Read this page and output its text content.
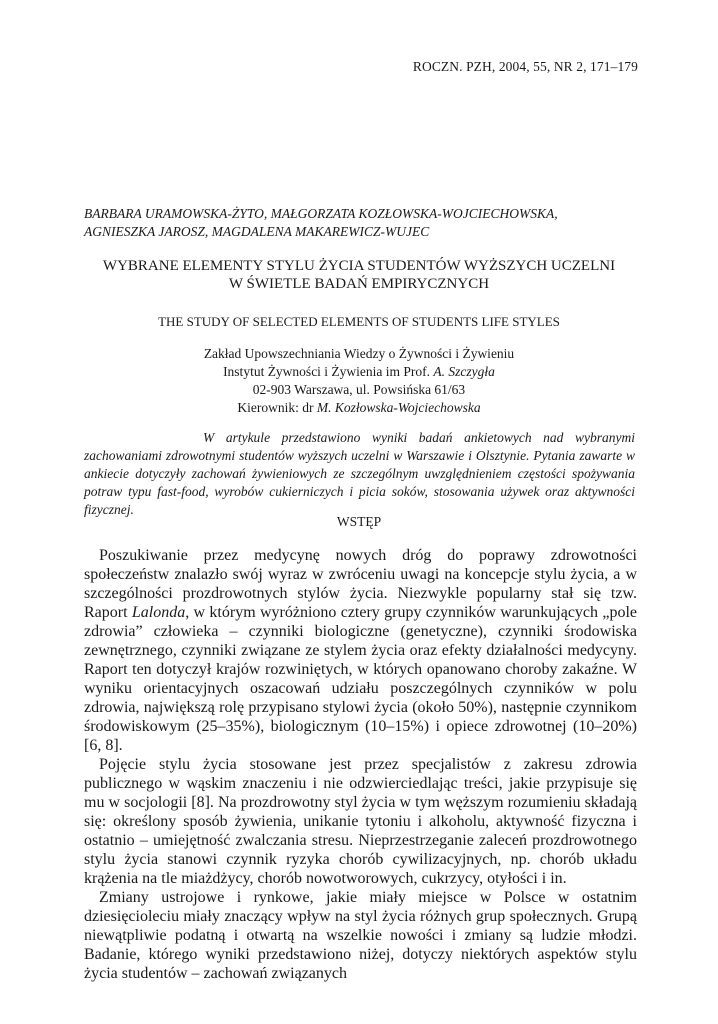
ROCZN. PZH, 2004, 55, NR 2, 171–179
BARBARA URAMOWSKA-ŻYTO, MAŁGORZATA KOZŁOWSKA-WOJCIECHOWSKA,
AGNIESZKA JAROSZ, MAGDALENA MAKAREWICZ-WUJEC
WYBRANE ELEMENTY STYLU ŻYCIA STUDENTÓW WYŻSZYCH UCZELNI
W ŚWIETLE BADAŃ EMPIRYCZNYCH
THE STUDY OF SELECTED ELEMENTS OF STUDENTS LIFE STYLES
Zakład Upowszechniania Wiedzy o Żywności i Żywieniu
Instytut Żywności i Żywienia im Prof. A. Szczygła
02-903 Warszawa, ul. Powsińska 61/63
Kierownik: dr M. Kozłowska-Wojciechowska
W artykule przedstawiono wyniki badań ankietowych nad wybranymi zachowaniami zdrowotnymi studentów wyższych uczelni w Warszawie i Olsztynie. Pytania zawarte w ankiecie dotyczyły zachowań żywieniowych ze szczególnym uwzględnieniem częstości spożywania potraw typu fast-food, wyrobów cukierniczych i picia soków, stosowania używek oraz aktywności fizycznej.
WSTĘP

Poszukiwanie przez medycynę nowych dróg do poprawy zdrowotności społeczeństw znalazło swój wyraz w zwróceniu uwagi na koncepcje stylu życia, a w szczególności prozdrowotnych stylów życia. Niezwykle popularny stał się tzw. Raport Lalonda, w którym wyróżniono cztery grupy czynników warunkujących „pole zdrowia” człowieka – czynniki biologiczne (genetyczne), czynniki środowiska zewnętrznego, czynniki związane ze stylem życia oraz efekty działalności medycyny. Raport ten dotyczył krajów rozwiniętych, w których opanowano choroby zakaźne. W wyniku orientacyjnych oszacowań udziału poszczególnych czynników w polu zdrowia, największą rolę przypisano stylowi życia (około 50%), następnie czynnikom środowiskowym (25–35%), biologicznym (10–15%) i opiece zdrowotnej (10–20%) [6, 8].

Pojęcie stylu życia stosowane jest przez specjalistów z zakresu zdrowia publicznego w wąskim znaczeniu i nie odzwierciedlając treści, jakie przypisuje się mu w socjologii [8]. Na prozdrowotny styl życia w tym węższym rozumieniu składają się: określony sposób żywienia, unikanie tytoniu i alkoholu, aktywność fizyczna i ostatnio – umiejętność zwalczania stresu. Nieprzestrzeganie zaleceń prozdrowotnego stylu życia stanowi czynnik ryzyka chorób cywilizacyjnych, np. chorób układu krążenia na tle miażdżycy, chorób nowotworowych, cukrzycy, otyłości i in.

Zmiany ustrojowe i rynkowe, jakie miały miejsce w Polsce w ostatnim dziesięcioleciu miały znaczący wpływ na styl życia różnych grup społecznych. Grupą niewątpliwie podatną i otwartą na wszelkie nowości i zmiany są ludzie młodzi. Badanie, którego wyniki przedstawiono niżej, dotyczy niektórych aspektów stylu życia studentów – zachowań związanych
